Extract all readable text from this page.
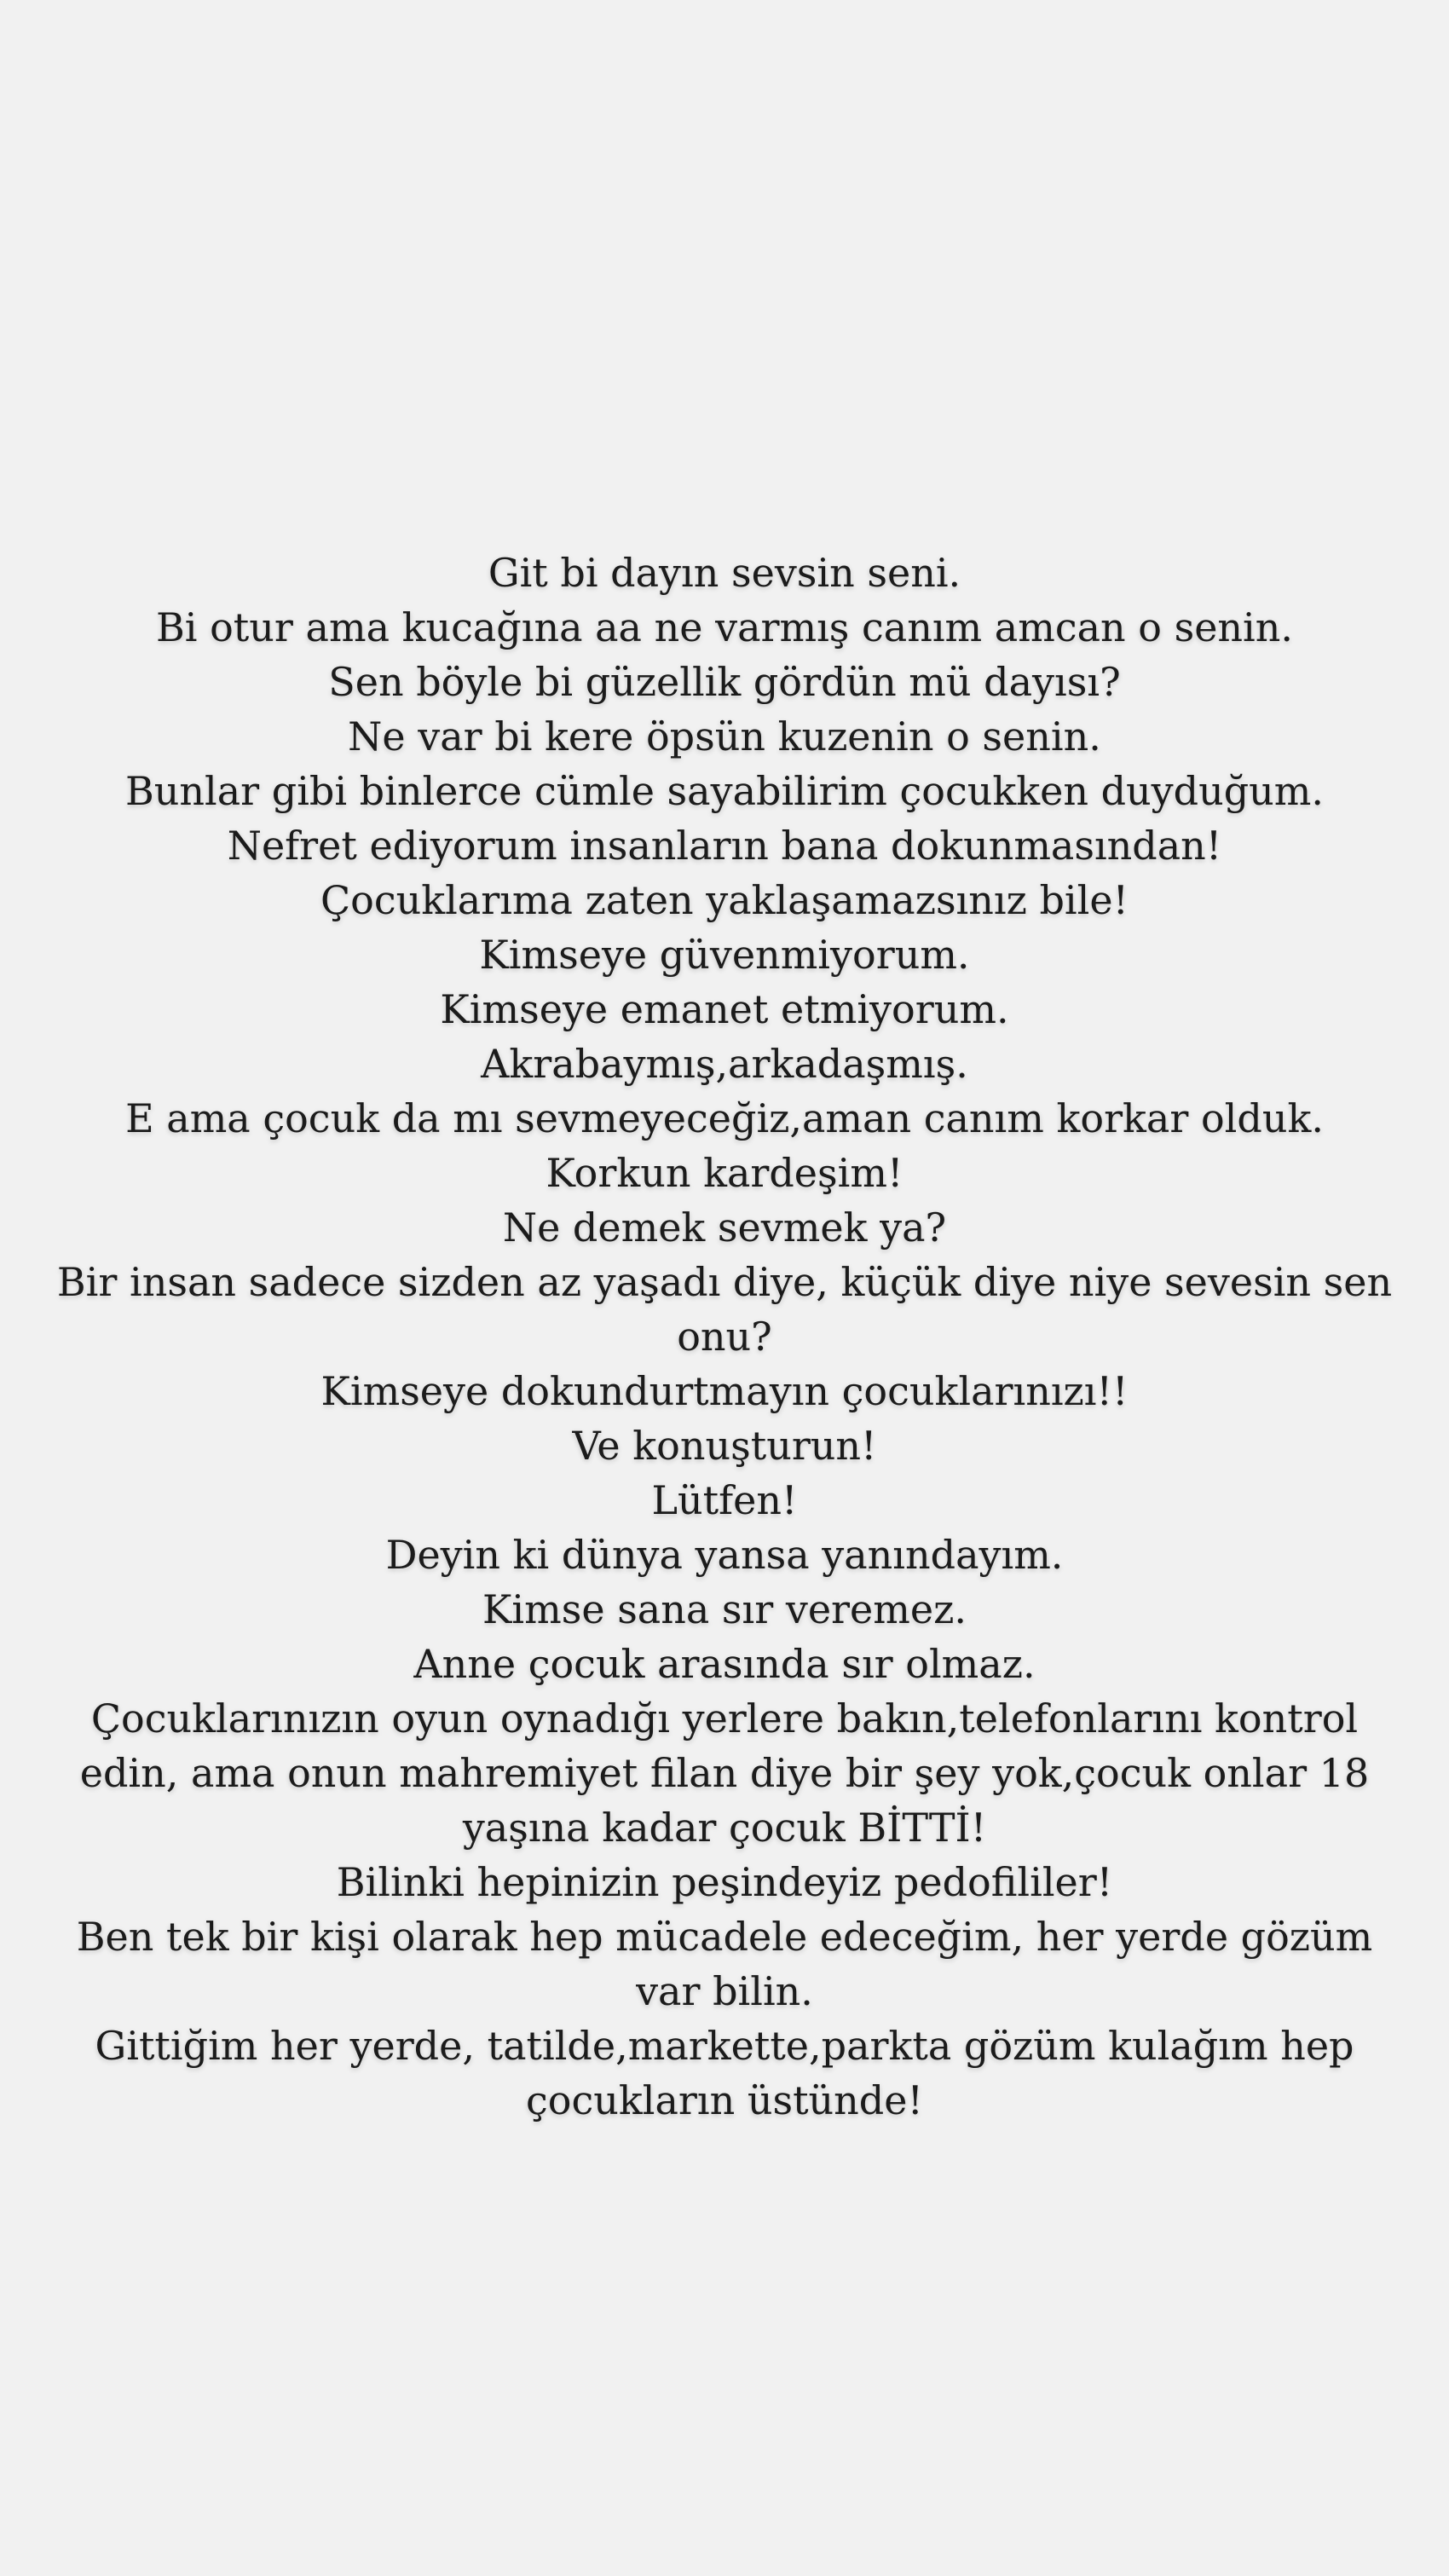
Git bi dayın sevsin seni.
Bi otur ama kucağına aa ne varmış canım amcan o senin.
Sen böyle bi güzellik gördün mü dayısı?
Ne var bi kere öpsün kuzenin o senin.
Bunlar gibi binlerce cümle sayabilirim çocukken duyduğum.
Nefret ediyorum insanların bana dokunmasından!
Çocuklarıma zaten yaklaşamazsınız bile!
Kimseye güvenmiyorum.
Kimseye emanet etmiyorum.
Akrabaymış,arkadaşmış.
E ama çocuk da mı sevmeyeceğiz,aman canım korkar olduk.
Korkun kardeşim!
Ne demek sevmek ya?
Bir insan sadece sizden az yaşadı diye, küçük diye niye sevesin sen
onu?
Kimseye dokundurtmayın çocuklarınızı!!
Ve konuşturun!
Lütfen!
Deyin ki dünya yansa yanındayım.
Kimse sana sır veremez.
Anne çocuk arasında sır olmaz.
Çocuklarınızın oyun oynadığı yerlere bakın,telefonlarını kontrol
edin, ama onun mahremiyet filan diye bir şey yok,çocuk onlar 18
yaşına kadar çocuk BİTTİ!
Bilinki hepinizin peşindeyiz pedofililer!
Ben tek bir kişi olarak hep mücadele edeceğim, her yerde gözüm
var bilin.
Gittiğim her yerde, tatilde,markette,parkta gözüm kulağım hep
çocukların üstünde!
